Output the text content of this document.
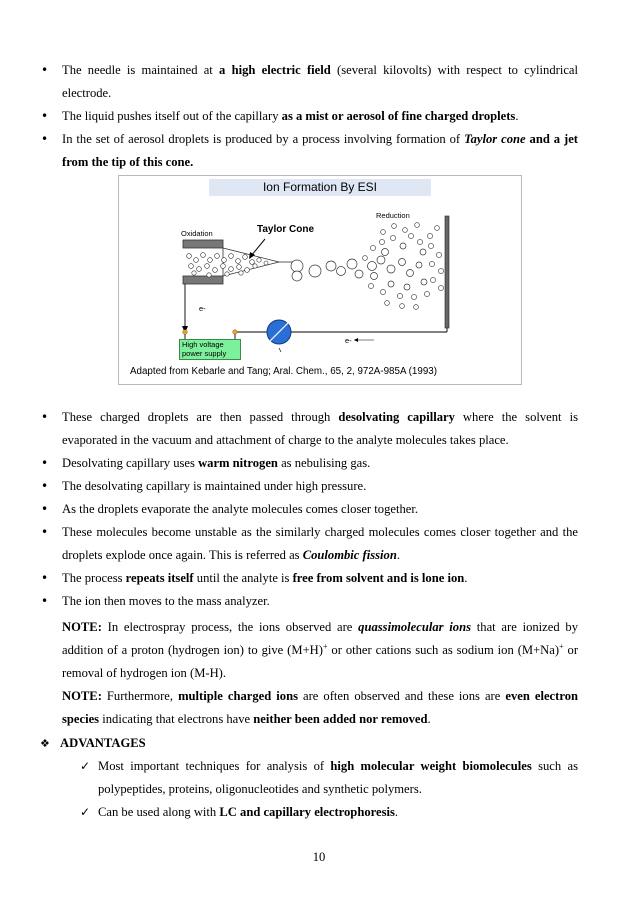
• The needle is maintained at a high electric field (several kilovolts) with respect to cylindrical
electrode.
• The liquid pushes itself out of the capillary as a mist or aerosol of fine charged droplets.
• In the set of aerosol droplets is produced by a process involving formation of Taylor cone and a jet
from the tip of this cone.
Ion Formation By ESI
Oxidation
Reduction
Taylor Cone
e-
e-
High voltage
power supply
Adapted from Kebarle and Tang; Aral. Chem., 65, 2, 972A-985A (1993)
• These charged droplets are then passed through desolvating capillary where the solvent is
evaporated in the vacuum and attachment of charge to the analyte molecules takes place.
• Desolvating capillary uses warm nitrogen as nebulising gas.
• The desolvating capillary is maintained under high pressure.
• As the droplets evaporate the analyte molecules comes closer together.
• These molecules become unstable as the similarly charged molecules comes closer together and the
droplets explode once again. This is referred as Coulombic fission.
• The process repeats itself until the analyte is free from solvent and is lone ion.
• The ion then moves to the mass analyzer.
NOTE: In electrospray process, the ions observed are quassimolecular ions that are ionized by
addition of a proton (hydrogen ion) to give (M+H)+ or other cations such as sodium ion (M+Na)+ or
removal of hydrogen ion (M-H).
NOTE: Furthermore, multiple charged ions are often observed and these ions are even electron
species indicating that electrons have neither been added nor removed.
❖ ADVANTAGES
✓ Most important techniques for analysis of high molecular weight biomolecules such as
polypeptides, proteins, oligonucleotides and synthetic polymers.
✓ Can be used along with LC and capillary electrophoresis.
10
